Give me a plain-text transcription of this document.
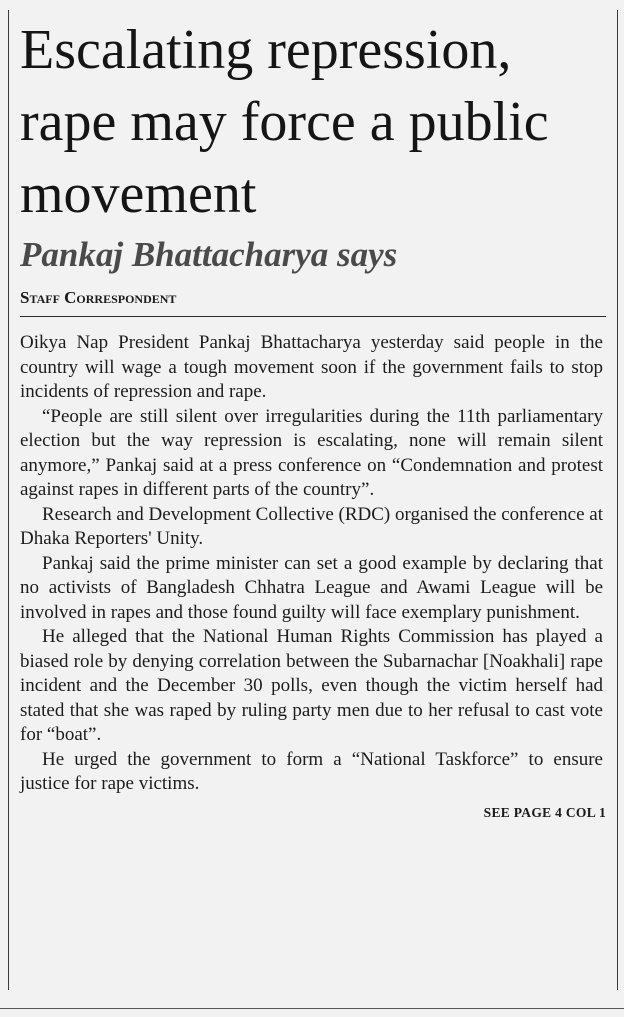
Escalating repression, rape may force a public movement
Pankaj Bhattacharya says
Staff Correspondent

Oikya Nap President Pankaj Bhattacharya yesterday said people in the country will wage a tough movement soon if the government fails to stop incidents of repression and rape.

“People are still silent over irregularities during the 11th parliamentary election but the way repression is escalating, none will remain silent anymore,” Pankaj said at a press conference on “Condemnation and protest against rapes in different parts of the country”.

Research and Development Collective (RDC) organised the conference at Dhaka Reporters' Unity.

Pankaj said the prime minister can set a good example by declaring that no activists of Bangladesh Chhatra League and Awami League will be involved in rapes and those found guilty will face exemplary punishment.

He alleged that the National Human Rights Commission has played a biased role by denying correlation between the Subarnachar [Noakhali] rape incident and the December 30 polls, even though the victim herself had stated that she was raped by ruling party men due to her refusal to cast vote for “boat”.

He urged the government to form a “National Taskforce” to ensure justice for rape victims.

SEE PAGE 4 COL 1
